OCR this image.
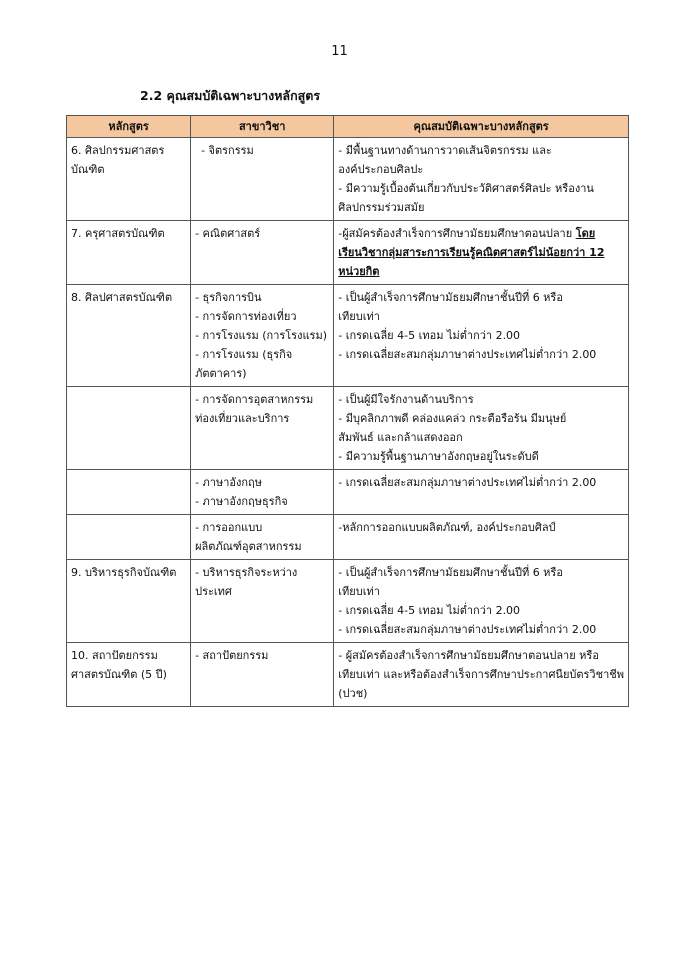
11
2.2 คุณสมบัติเฉพาะบางหลักสูตร
หลักสูตร	สาขาวิชา	คุณสมบัติเฉพาะบางหลักสูตร

6. ศิลปกรรมศาสตร
บัณฑิต	- จิตรกรรม	- มีพื้นฐานทางด้านการวาดเส้นจิตรกรรม และ
องค์ประกอบศิลปะ
- มีความรู้เบื้องต้นเกี่ยวกับประวัติศาสตร์ศิลปะ หรืองาน
ศิลปกรรมร่วมสมัย

7. ครุศาสตรบัณฑิต	- คณิตศาสตร์	-ผู้สมัครต้องสำเร็จการศึกษามัธยมศึกษาตอนปลาย โดย
เรียนวิชากลุ่มสาระการเรียนรู้คณิตศาสตร์ไม่น้อยกว่า 12
หน่วยกิต

8. ศิลปศาสตรบัณฑิต	- ธุรกิจการบิน
- การจัดการท่องเที่ยว
- การโรงแรม (การโรงแรม)
- การโรงแรม (ธุรกิจ
ภัตตาคาร)	- เป็นผู้สำเร็จการศึกษามัธยมศึกษาชั้นปีที่ 6 หรือ
เทียบเท่า
- เกรดเฉลี่ย 4-5 เทอม ไม่ต่ำกว่า 2.00
- เกรดเฉลี่ยสะสมกลุ่มภาษาต่างประเทศไม่ต่ำกว่า 2.00

	- การจัดการอุตสาหกรรม
ท่องเที่ยวและบริการ	- เป็นผู้มีใจรักงานด้านบริการ
- มีบุคลิกภาพดี คล่องแคล่ว กระตือรือร้น มีมนุษย์
สัมพันธ์ และกล้าแสดงออก
- มีความรู้พื้นฐานภาษาอังกฤษอยู่ในระดับดี

	- ภาษาอังกฤษ
- ภาษาอังกฤษธุรกิจ	- เกรดเฉลี่ยสะสมกลุ่มภาษาต่างประเทศไม่ต่ำกว่า 2.00

	- การออกแบบ
ผลิตภัณฑ์อุตสาหกรรม	-หลักการออกแบบผลิตภัณฑ์, องค์ประกอบศิลป์

9. บริหารธุรกิจบัณฑิต	- บริหารธุรกิจระหว่าง
ประเทศ	- เป็นผู้สำเร็จการศึกษามัธยมศึกษาชั้นปีที่ 6 หรือ
เทียบเท่า
- เกรดเฉลี่ย 4-5 เทอม ไม่ต่ำกว่า 2.00
- เกรดเฉลี่ยสะสมกลุ่มภาษาต่างประเทศไม่ต่ำกว่า 2.00

10. สถาปัตยกรรม
ศาสตรบัณฑิต (5 ปี)	- สถาปัตยกรรม	- ผู้สมัครต้องสำเร็จการศึกษามัธยมศึกษาตอนปลาย หรือ
เทียบเท่า และหรือต้องสำเร็จการศึกษาประกาศนียบัตรวิชาชีพ
(ปวช)
